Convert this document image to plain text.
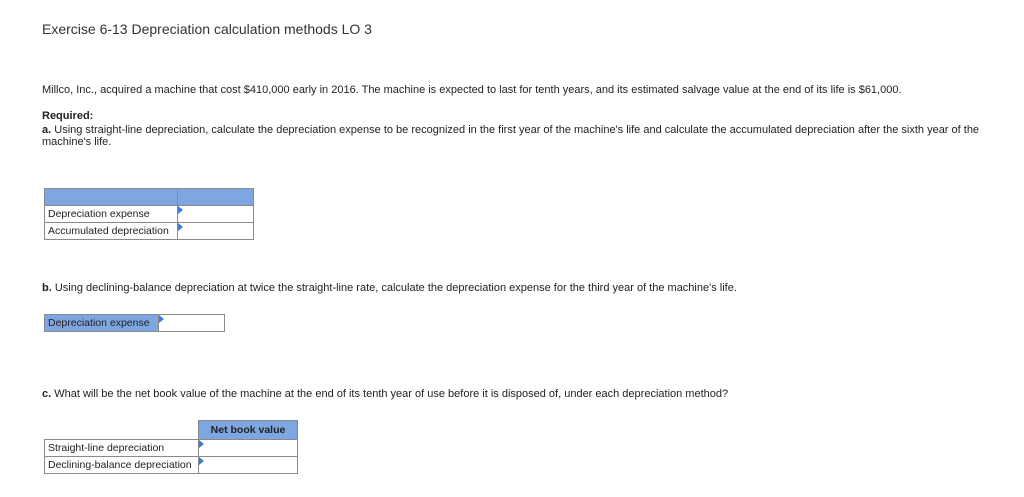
Exercise 6-13 Depreciation calculation methods LO 3
Millco, Inc., acquired a machine that cost $410,000 early in 2016. The machine is expected to last for tenth years, and its estimated salvage value at the end of its life is $61,000.
Required:
a. Using straight-line depreciation, calculate the depreciation expense to be recognized in the first year of the machine's life and calculate the accumulated depreciation after the sixth year of the machine's life.

Depreciation expense	

Accumulated depreciation	
b. Using declining-balance depreciation at twice the straight-line rate, calculate the depreciation expense for the third year of the machine's life.
Depreciation expense	
c. What will be the net book value of the machine at the end of its tenth year of use before it is disposed of, under each depreciation method?
	Net book value
Straight-line depreciation	

Declining-balance depreciation	
